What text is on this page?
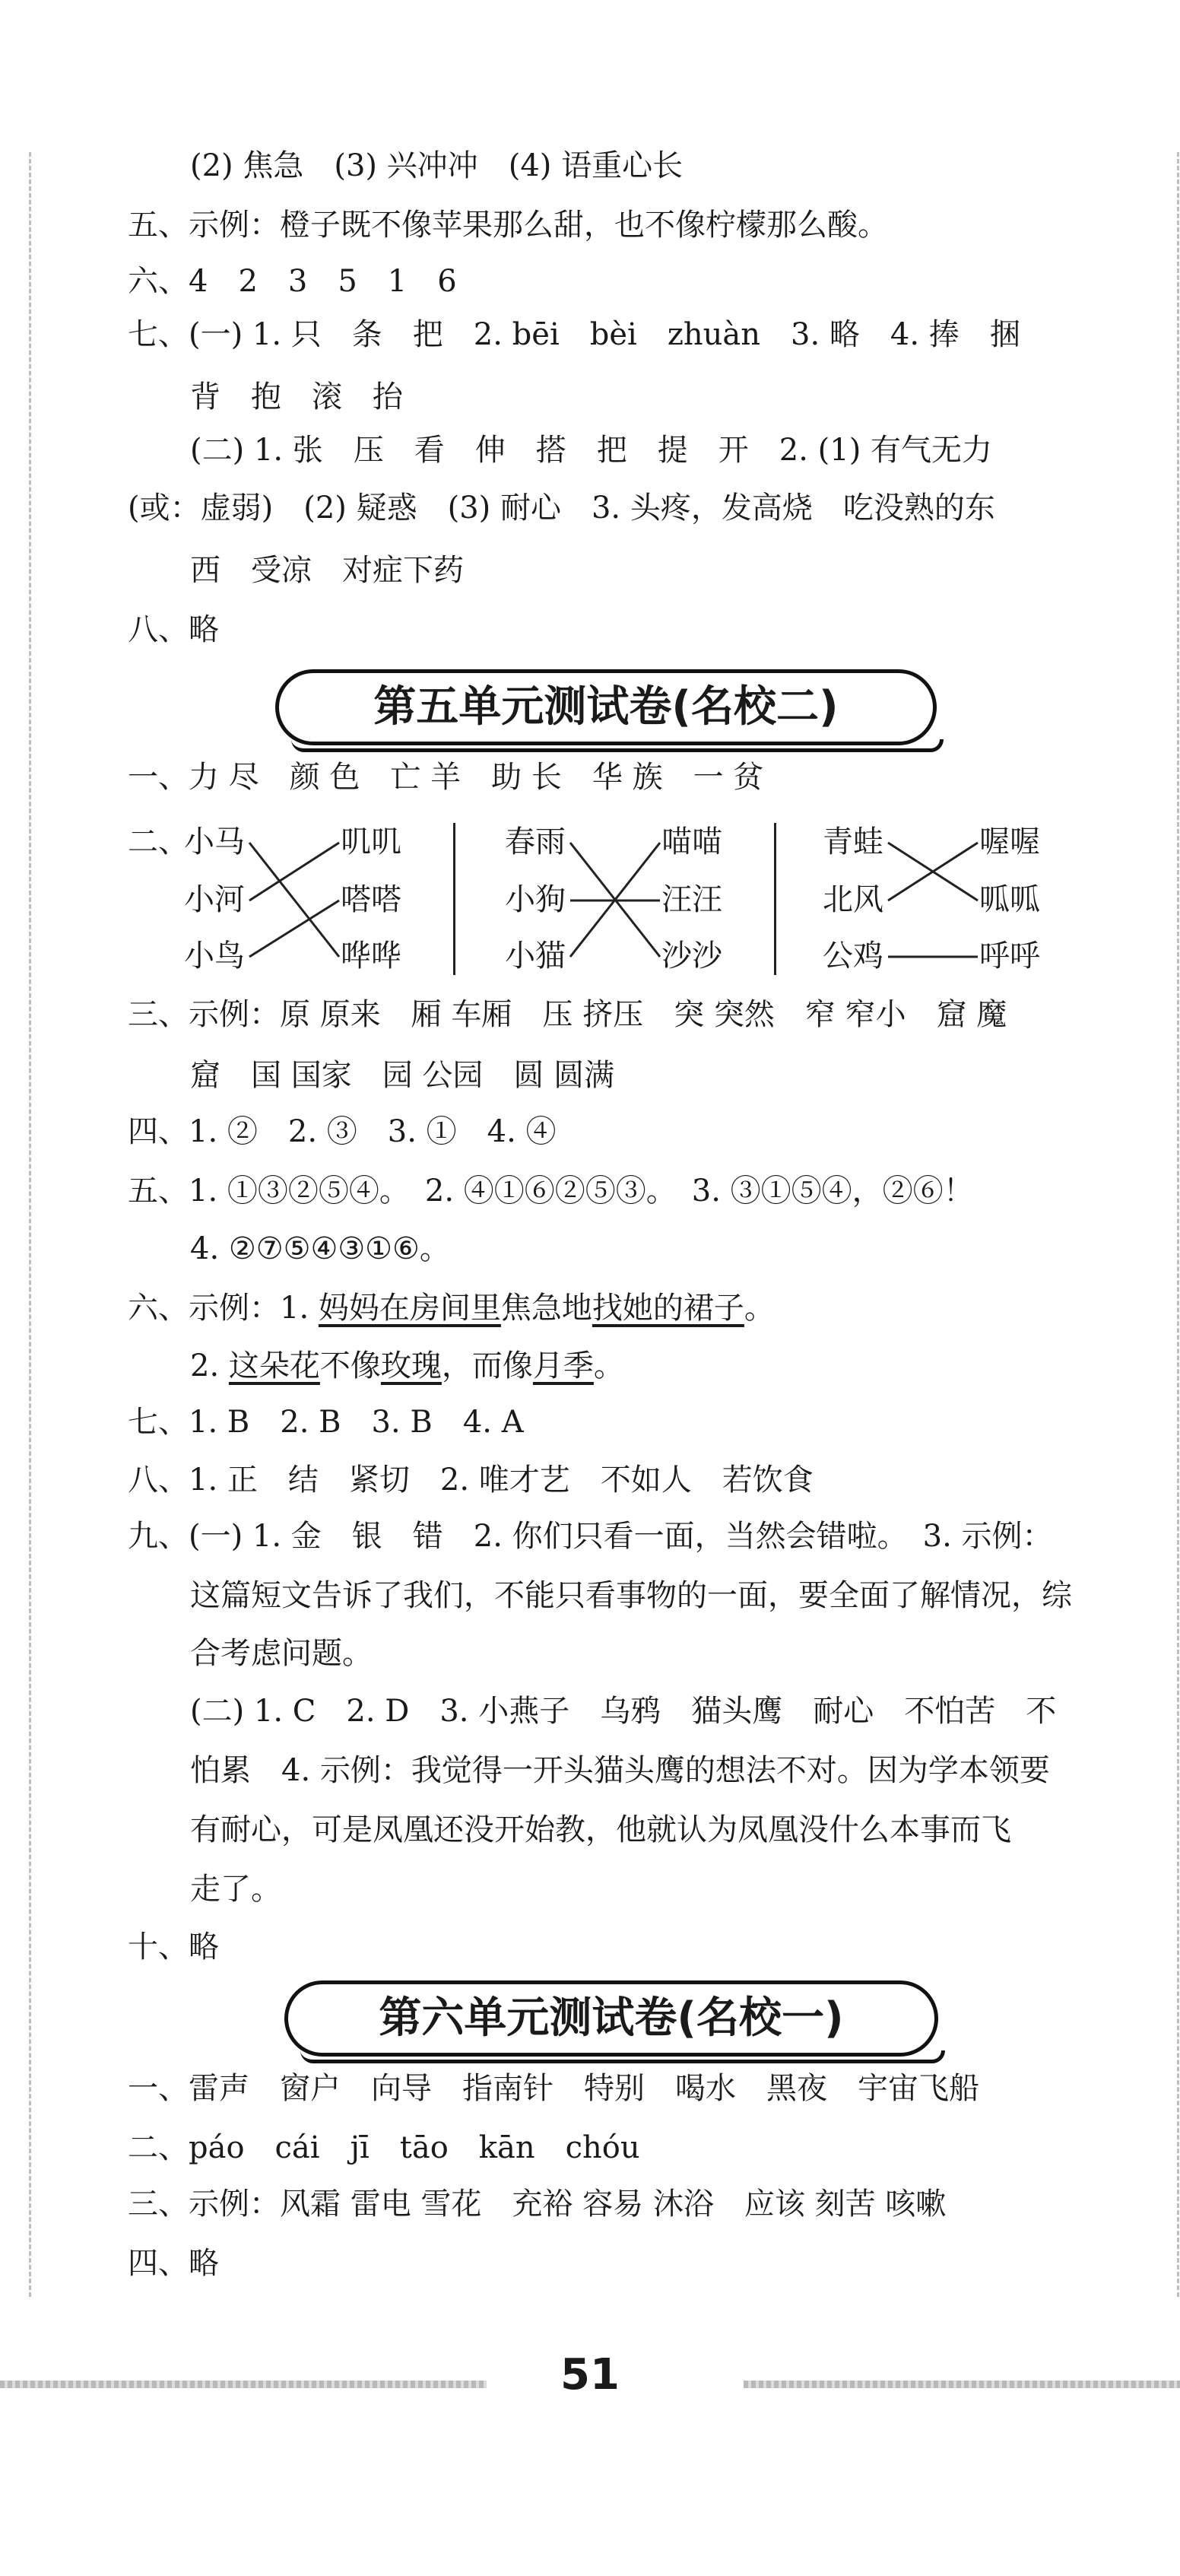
(2) 焦急　(3) 兴冲冲　(4) 语重心长
五、示例：橙子既不像苹果那么甜，也不像柠檬那么酸。
六、4　2　3　5　1　6
七、(一) 1. 只　条　把　2. bēi　bèi　zhuàn　3. 略　4. 捧　捆
背　抱　滚　抬
(二) 1. 张　压　看　伸　搭　把　提　开　2. (1) 有气无力
(或：虚弱)　(2) 疑惑　(3) 耐心　3. 头疼，发高烧　吃没熟的东
西　受凉　对症下药
八、略
第五单元测试卷(名校二)
一、力 尽　颜 色　亡 羊　助 长　华 族　一 贫
二、
小马
小河
小鸟
叽叽
嗒嗒
哗哗
春雨
小狗
小猫
喵喵
汪汪
沙沙
青蛙
北风
公鸡
喔喔
呱呱
呼呼
三、示例：原 原来　厢 车厢　压 挤压　突 突然　窄 窄小　窟 魔
窟　国 国家　园 公园　圆 圆满
四、1. ②　2. ③　3. ①　4. ④
五、1. ①③②⑤④。　2. ④①⑥②⑤③。　3. ③①⑤④，②⑥！
4. ②⑦⑤④③①⑥。
六、示例：1. 妈妈在房间里焦急地找她的裙子。
2. 这朵花不像玫瑰，而像月季。
七、1. B　2. B　3. B　4. A
八、1. 正　结　紧切　2. 唯才艺　不如人　若饮食
九、(一) 1. 金　银　错　2. 你们只看一面，当然会错啦。　3. 示例：
这篇短文告诉了我们，不能只看事物的一面，要全面了解情况，综
合考虑问题。
(二) 1. C　2. D　3. 小燕子　乌鸦　猫头鹰　耐心　不怕苦　不
怕累　4. 示例：我觉得一开头猫头鹰的想法不对。因为学本领要
有耐心，可是凤凰还没开始教，他就认为凤凰没什么本事而飞
走了。
十、略
第六单元测试卷(名校一)
一、雷声　窗户　向导　指南针　特别　喝水　黑夜　宇宙飞船
二、páo　cái　jī　tāo　kān　chóu
三、示例：风霜 雷电 雪花　充裕 容易 沐浴　应该 刻苦 咳嗽
四、略
51
